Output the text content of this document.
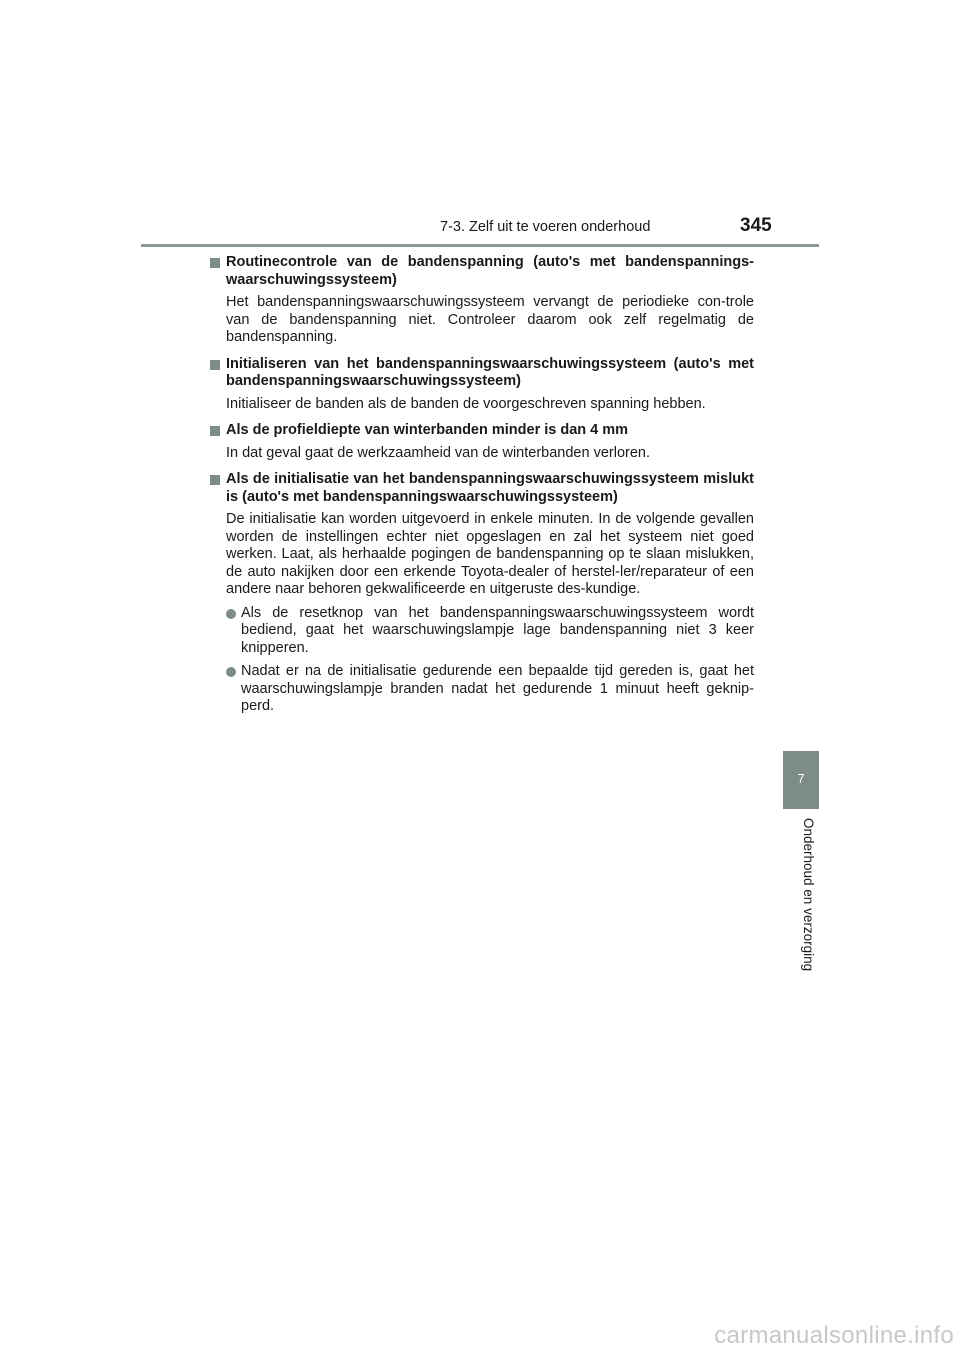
7-3. Zelf uit te voeren onderhoud	345
7
Onderhoud en verzorging
Routinecontrole van de bandenspanning (auto's met bandenspannings-waarschuwingssysteem)
Het bandenspanningswaarschuwingssysteem vervangt de periodieke con-trole van de bandenspanning niet. Controleer daarom ook zelf regelmatig de bandenspanning.
Initialiseren van het bandenspanningswaarschuwingssysteem (auto's met bandenspanningswaarschuwingssysteem)
Initialiseer de banden als de banden de voorgeschreven spanning hebben.
Als de profieldiepte van winterbanden minder is dan 4 mm
In dat geval gaat de werkzaamheid van de winterbanden verloren.
Als de initialisatie van het bandenspanningswaarschuwingssysteem mislukt is (auto's met bandenspanningswaarschuwingssysteem)
De initialisatie kan worden uitgevoerd in enkele minuten. In de volgende gevallen worden de instellingen echter niet opgeslagen en zal het systeem niet goed werken. Laat, als herhaalde pogingen de bandenspanning op te slaan mislukken, de auto nakijken door een erkende Toyota-dealer of herstel-ler/reparateur of een andere naar behoren gekwalificeerde en uitgeruste des-kundige.
Als de resetknop van het bandenspanningswaarschuwingssysteem wordt bediend, gaat het waarschuwingslampje lage bandenspanning niet 3 keer knipperen.
Nadat er na de initialisatie gedurende een bepaalde tijd gereden is, gaat het waarschuwingslampje branden nadat het gedurende 1 minuut heeft geknip-perd.
carmanualsonline.info
